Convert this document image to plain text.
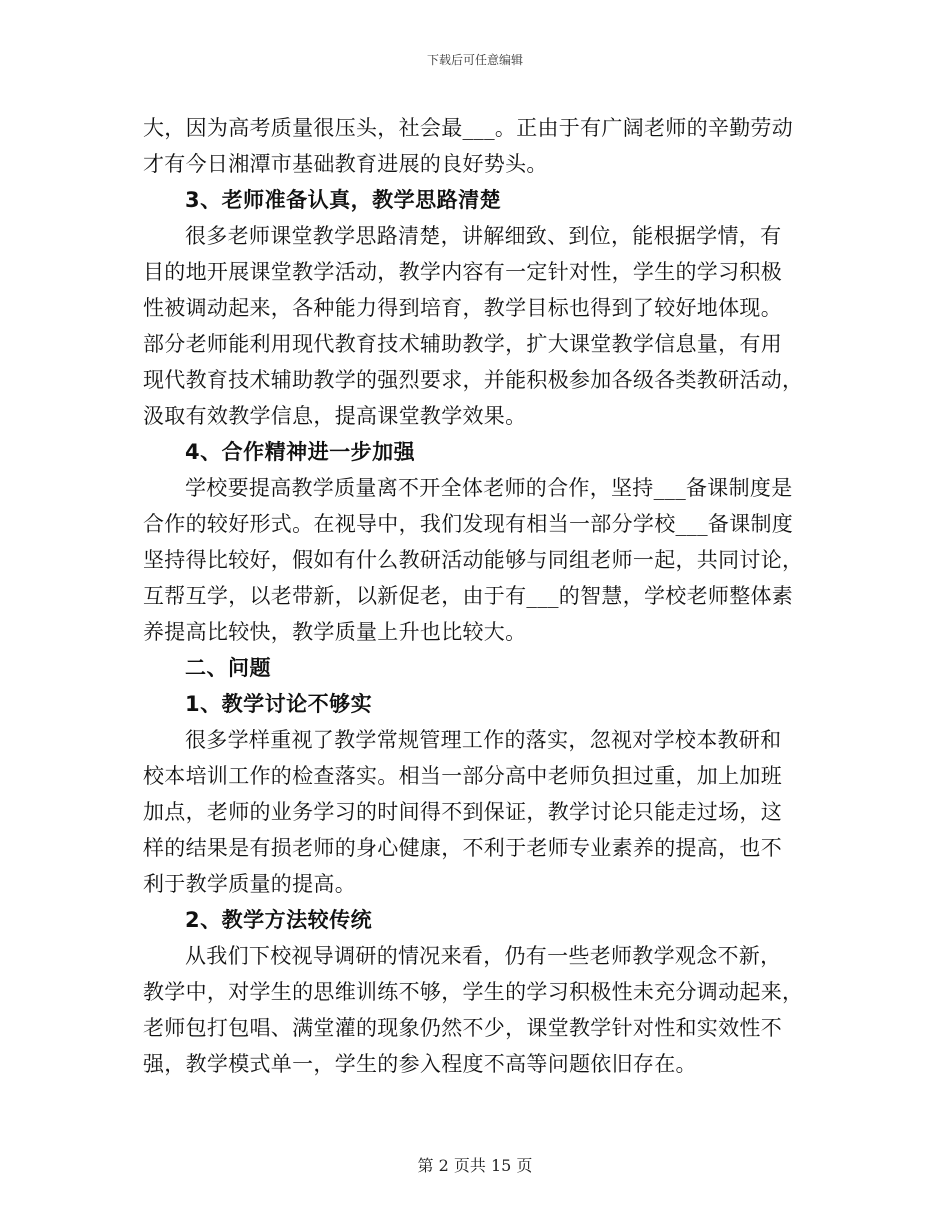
下载后可任意编辑
大，因为高考质量很压头，社会最___。正由于有广阔老师的辛勤劳动
才有今日湘潭市基础教育进展的良好势头。
3、老师准备认真，教学思路清楚
很多老师课堂教学思路清楚，讲解细致、到位，能根据学情，有
目的地开展课堂教学活动，教学内容有一定针对性，学生的学习积极
性被调动起来，各种能力得到培育，教学目标也得到了较好地体现。
部分老师能利用现代教育技术辅助教学，扩大课堂教学信息量，有用
现代教育技术辅助教学的强烈要求，并能积极参加各级各类教研活动，
汲取有效教学信息，提高课堂教学效果。
4、合作精神进一步加强
学校要提高教学质量离不开全体老师的合作，坚持___备课制度是
合作的较好形式。在视导中，我们发现有相当一部分学校___备课制度
坚持得比较好，假如有什么教研活动能够与同组老师一起，共同讨论，
互帮互学，以老带新，以新促老，由于有___的智慧，学校老师整体素
养提高比较快，教学质量上升也比较大。
二、问题
1、教学讨论不够实
很多学样重视了教学常规管理工作的落实，忽视对学校本教研和
校本培训工作的检查落实。相当一部分高中老师负担过重，加上加班
加点，老师的业务学习的时间得不到保证，教学讨论只能走过场，这
样的结果是有损老师的身心健康，不利于老师专业素养的提高，也不
利于教学质量的提高。
2、教学方法较传统
从我们下校视导调研的情况来看，仍有一些老师教学观念不新，
教学中，对学生的思维训练不够，学生的学习积极性未充分调动起来，
老师包打包唱、满堂灌的现象仍然不少，课堂教学针对性和实效性不
强，教学模式单一，学生的参入程度不高等问题依旧存在。
第 2 页共 15 页
